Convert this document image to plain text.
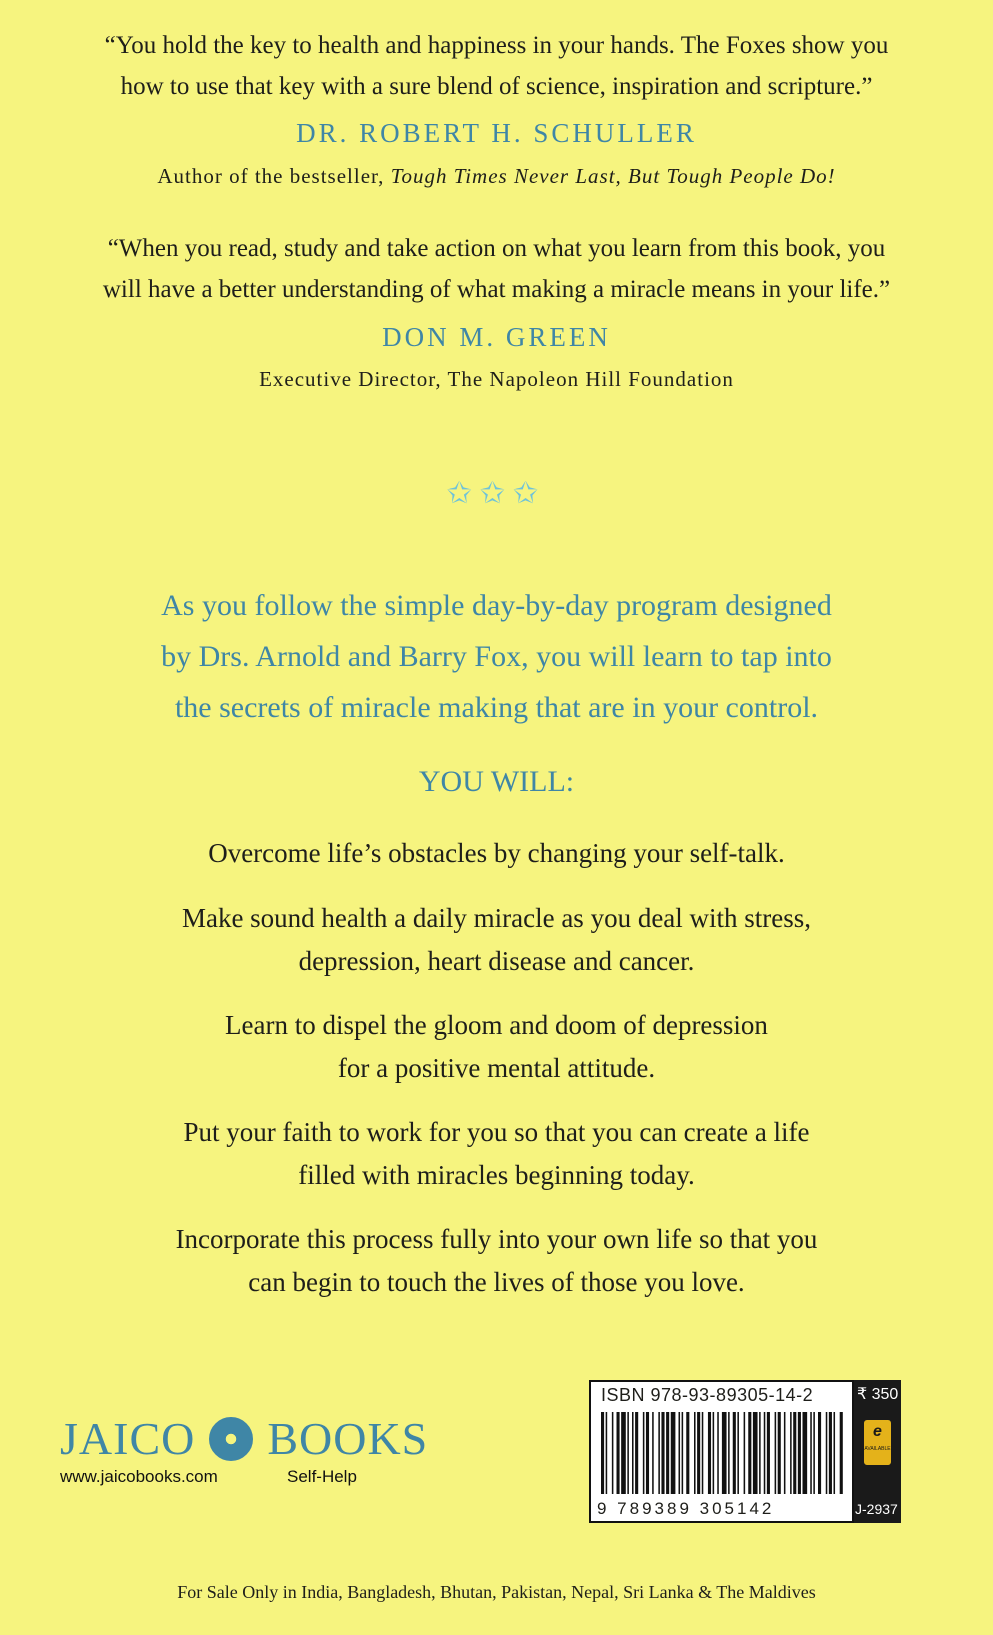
“You hold the key to health and happiness in your hands. The Foxes show you
how to use that key with a sure blend of science, inspiration and scripture.”
DR. ROBERT H. SCHULLER
Author of the bestseller, Tough Times Never Last, But Tough People Do!
“When you read, study and take action on what you learn from this book, you
will have a better understanding of what making a miracle means in your life.”
DON M. GREEN
Executive Director, The Napoleon Hill Foundation
✩✩✩
As you follow the simple day-by-day program designed
by Drs. Arnold and Barry Fox, you will learn to tap into
the secrets of miracle making that are in your control.
YOU WILL:
Overcome life’s obstacles by changing your self-talk.
Make sound health a daily miracle as you deal with stress,
depression, heart disease and cancer.
Learn to dispel the gloom and doom of depression
for a positive mental attitude.
Put your faith to work for you so that you can create a life
filled with miracles beginning today.
Incorporate this process fully into your own life so that you
can begin to touch the lives of those you love.
JAICO BOOKS
www.jaicobooks.com	Self-Help
ISBN 978-93-89305-14-2
9 789389 305142
₹ 350
e
AVAILABLE
J-2937
For Sale Only in India, Bangladesh, Bhutan, Pakistan, Nepal, Sri Lanka & The Maldives
